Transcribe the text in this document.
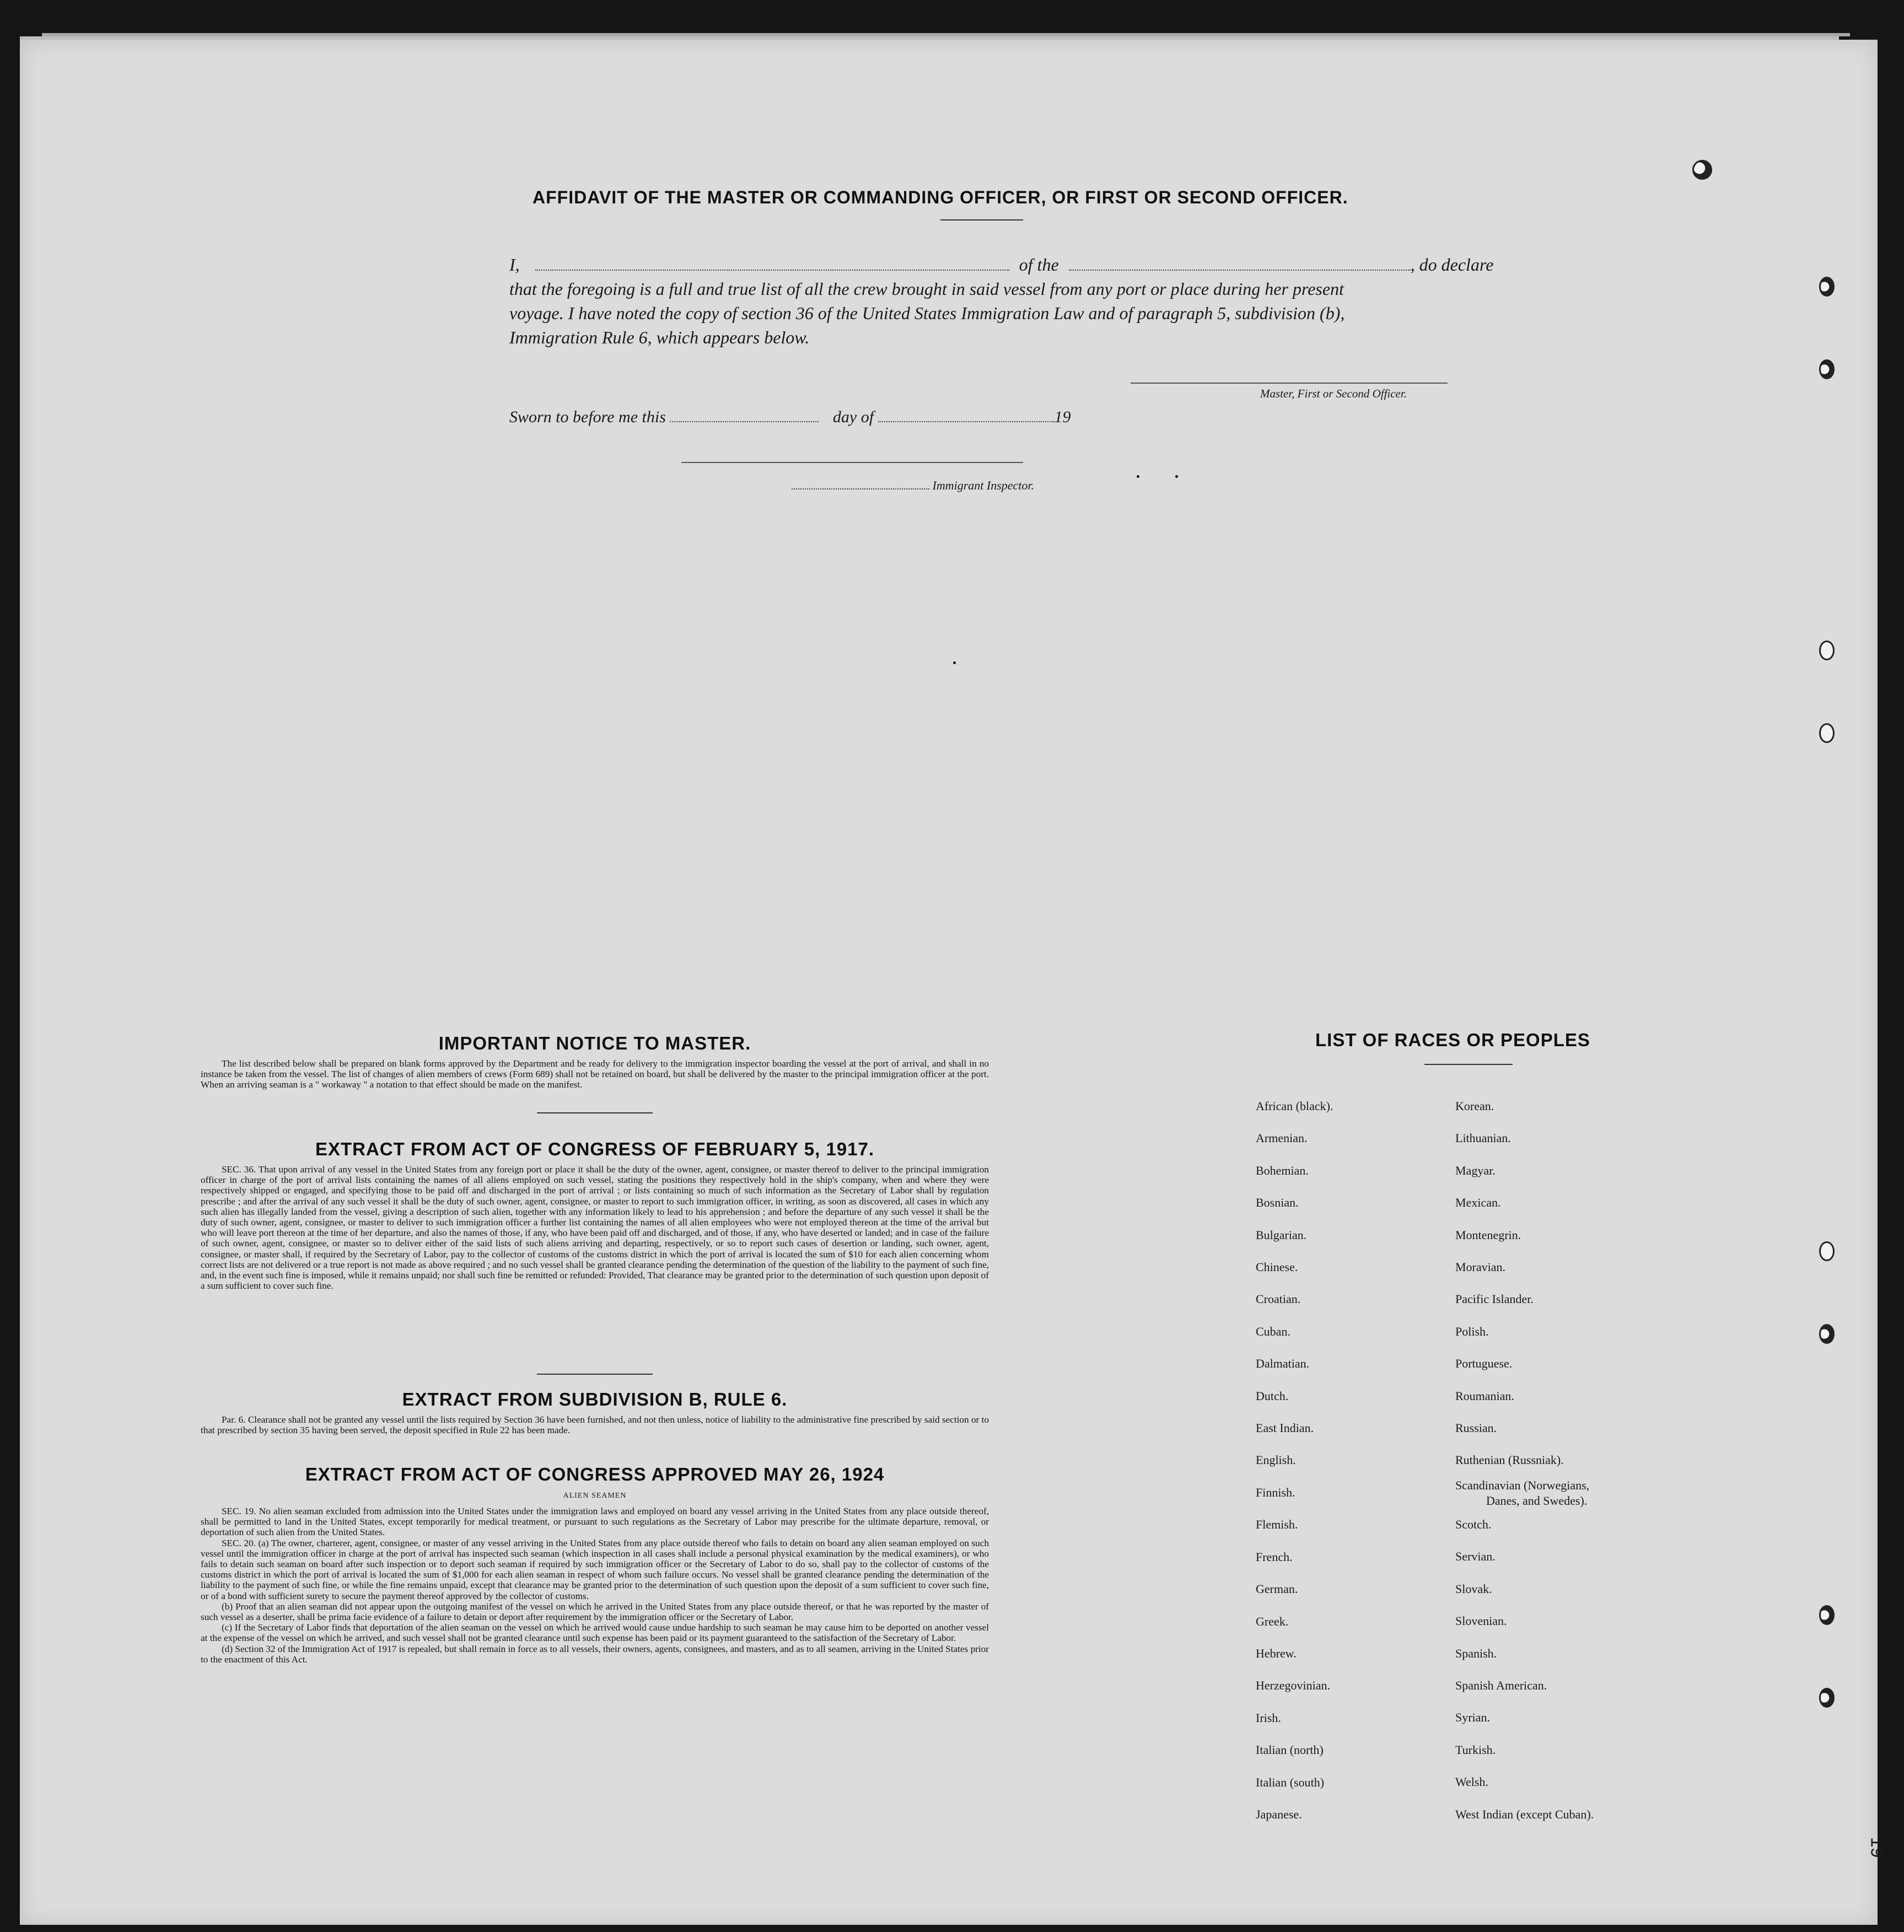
AFFIDAVIT OF THE MASTER OR COMMANDING OFFICER, OR FIRST OR SECOND OFFICER.
I,	of the	, do declare
that the foregoing is a full and true list of all the crew brought in said vessel from any port or place during her present
voyage. I have noted the copy of section 36 of the United States Immigration Law and of paragraph 5, subdivision (b),
Immigration Rule 6, which appears below.
Master, First or Second Officer.
Sworn to before me this	day of	19
Immigrant Inspector.
IMPORTANT NOTICE TO MASTER.

The list described below shall be prepared on blank forms approved by the Department and be ready for delivery to the immigration inspector boarding the vessel at the port of arrival, and shall in no instance be taken from the vessel. The list of changes of alien members of crews (Form 689) shall not be retained on board, but shall be delivered by the master to the principal immigration officer at the port. When an arriving seaman is a " workaway " a notation to that effect should be made on the manifest.

EXTRACT FROM ACT OF CONGRESS OF FEBRUARY 5, 1917.

SEC. 36. That upon arrival of any vessel in the United States from any foreign port or place it shall be the duty of the owner, agent, consignee, or master thereof to deliver to the principal immigration officer in charge of the port of arrival lists containing the names of all aliens employed on such vessel, stating the positions they respectively hold in the ship's company, when and where they were respectively shipped or engaged, and specifying those to be paid off and discharged in the port of arrival ; or lists containing so much of such information as the Secretary of Labor shall by regulation prescribe ; and after the arrival of any such vessel it shall be the duty of such owner, agent, consignee, or master to report to such immigration officer, in writing, as soon as discovered, all cases in which any such alien has illegally landed from the vessel, giving a description of such alien, together with any information likely to lead to his apprehension ; and before the departure of any such vessel it shall be the duty of such owner, agent, consignee, or master to deliver to such immigration officer a further list containing the names of all alien employees who were not employed thereon at the time of the arrival but who will leave port thereon at the time of her departure, and also the names of those, if any, who have been paid off and discharged, and of those, if any, who have deserted or landed; and in case of the failure of such owner, agent, consignee, or master so to deliver either of the said lists of such aliens arriving and departing, respectively, or so to report such cases of desertion or landing, such owner, agent, consignee, or master shall, if required by the Secretary of Labor, pay to the collector of customs of the customs district in which the port of arrival is located the sum of $10 for each alien concerning whom correct lists are not delivered or a true report is not made as above required ; and no such vessel shall be granted clearance pending the determination of the question of the liability to the payment of such fine, and, in the event such fine is imposed, while it remains unpaid; nor shall such fine be remitted or refunded: Provided, That clearance may be granted prior to the determination of such question upon deposit of a sum sufficient to cover such fine.

EXTRACT FROM SUBDIVISION B, RULE 6.

Par. 6. Clearance shall not be granted any vessel until the lists required by Section 36 have been furnished, and not then unless, notice of liability to the administrative fine prescribed by said section or to that prescribed by section 35 having been served, the deposit specified in Rule 22 has been made.

EXTRACT FROM ACT OF CONGRESS APPROVED MAY 26, 1924
ALIEN SEAMEN

SEC. 19. No alien seaman excluded from admission into the United States under the immigration laws and employed on board any vessel arriving in the United States from any place outside thereof, shall be permitted to land in the United States, except temporarily for medical treatment, or pursuant to such regulations as the Secretary of Labor may prescribe for the ultimate departure, removal, or deportation of such alien from the United States.

SEC. 20. (a) The owner, charterer, agent, consignee, or master of any vessel arriving in the United States from any place outside thereof who fails to detain on board any alien seaman employed on such vessel until the immigration officer in charge at the port of arrival has inspected such seaman (which inspection in all cases shall include a personal physical examination by the medical examiners), or who fails to detain such seaman on board after such inspection or to deport such seaman if required by such immigration officer or the Secretary of Labor to do so, shall pay to the collector of customs of the customs district in which the port of arrival is located the sum of $1,000 for each alien seaman in respect of whom such failure occurs. No vessel shall be granted clearance pending the determination of the liability to the payment of such fine, or while the fine remains unpaid, except that clearance may be granted prior to the determination of such question upon the deposit of a sum sufficient to cover such fine, or of a bond with sufficient surety to secure the payment thereof approved by the collector of customs.

(b) Proof that an alien seaman did not appear upon the outgoing manifest of the vessel on which he arrived in the United States from any place outside thereof, or that he was reported by the master of such vessel as a deserter, shall be prima facie evidence of a failure to detain or deport after requirement by the immigration officer or the Secretary of Labor.

(c) If the Secretary of Labor finds that deportation of the alien seaman on the vessel on which he arrived would cause undue hardship to such seaman he may cause him to be deported on another vessel at the expense of the vessel on which he arrived, and such vessel shall not be granted clearance until such expense has been paid or its payment guaranteed to the satisfaction of the Secretary of Labor.

(d) Section 32 of the Immigration Act of 1917 is repealed, but shall remain in force as to all vessels, their owners, agents, consignees, and masters, and as to all seamen, arriving in the United States prior to the enactment of this Act.

LIST OF RACES OR PEOPLES
African (black).
Armenian.
Bohemian.
Bosnian.
Bulgarian.
Chinese.
Croatian.
Cuban.
Dalmatian.
Dutch.
East Indian.
English.
Finnish.
Flemish.
French.
German.
Greek.
Hebrew.
Herzegovinian.
Irish.
Italian (north)
Italian (south)
Japanese.
Korean.
Lithuanian.
Magyar.
Mexican.
Montenegrin.
Moravian.
Pacific Islander.
Polish.
Portuguese.
Roumanian.
Russian.
Ruthenian (Russniak).
Scandinavian (Norwegians,
Danes, and Swedes).
Scotch.
Servian.
Slovak.
Slovenian.
Spanish.
Spanish American.
Syrian.
Turkish.
Welsh.
West Indian (except Cuban).
19
